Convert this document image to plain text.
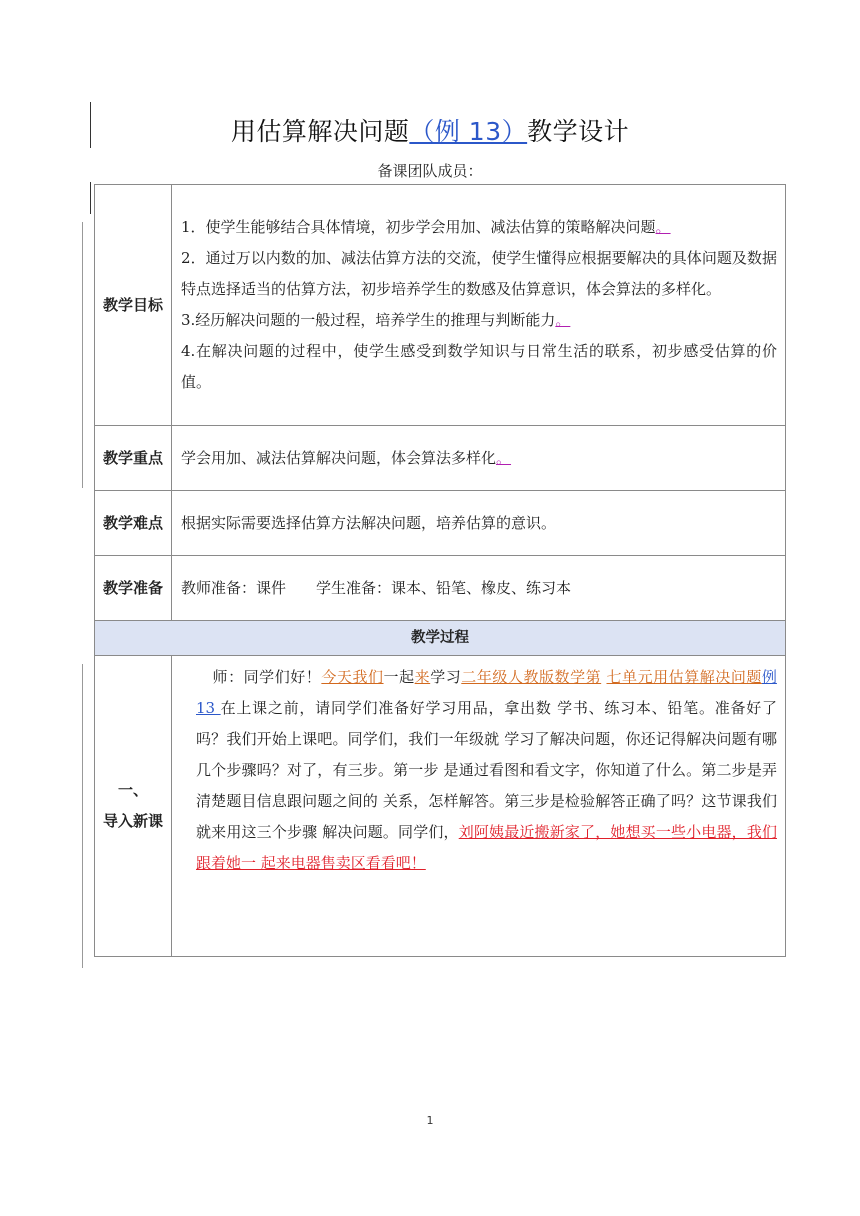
用估算解决问题（例 13）教学设计
备课团队成员：
教学目标	1．使学生能够结合具体情境，初步学会用加、减法估算的策略解决问题。

2．通过万以内数的加、减法估算方法的交流，使学生懂得应根据要解决的具体问题及数据特点选择适当的估算方法，初步培养学生的数感及估算意识，体会算法的多样化。

3.经历解决问题的一般过程，培养学生的推理与判断能力。

4.在解决问题的过程中，使学生感受到数学知识与日常生活的联系，初步感受估算的价值。

教学重点	学会用加、减法估算解决问题，体会算法多样化。
教学难点	根据实际需要选择估算方法解决问题，培养估算的意识。
教学准备	教师准备：课件　　学生准备：课本、铅笔、橡皮、练习本
教学过程	

一、
导入新课	师：同学们好！今天我们一起来学习二年级人教版数学第 七单元用估算解决问题例 13 在上课之前，请同学们准备好学习用品，拿出数 学书、练习本、铅笔。准备好了吗？我们开始上课吧。同学们，我们一年级就 学习了解决问题，你还记得解决问题有哪几个步骤吗？对了，有三步。第一步 是通过看图和看文字，你知道了什么。第二步是弄清楚题目信息跟问题之间的 关系，怎样解答。第三步是检验解答正确了吗？这节课我们就来用这三个步骤 解决问题。同学们，刘阿姨最近搬新家了，她想买一些小电器，我们跟着她一 起来电器售卖区看看吧！
1
